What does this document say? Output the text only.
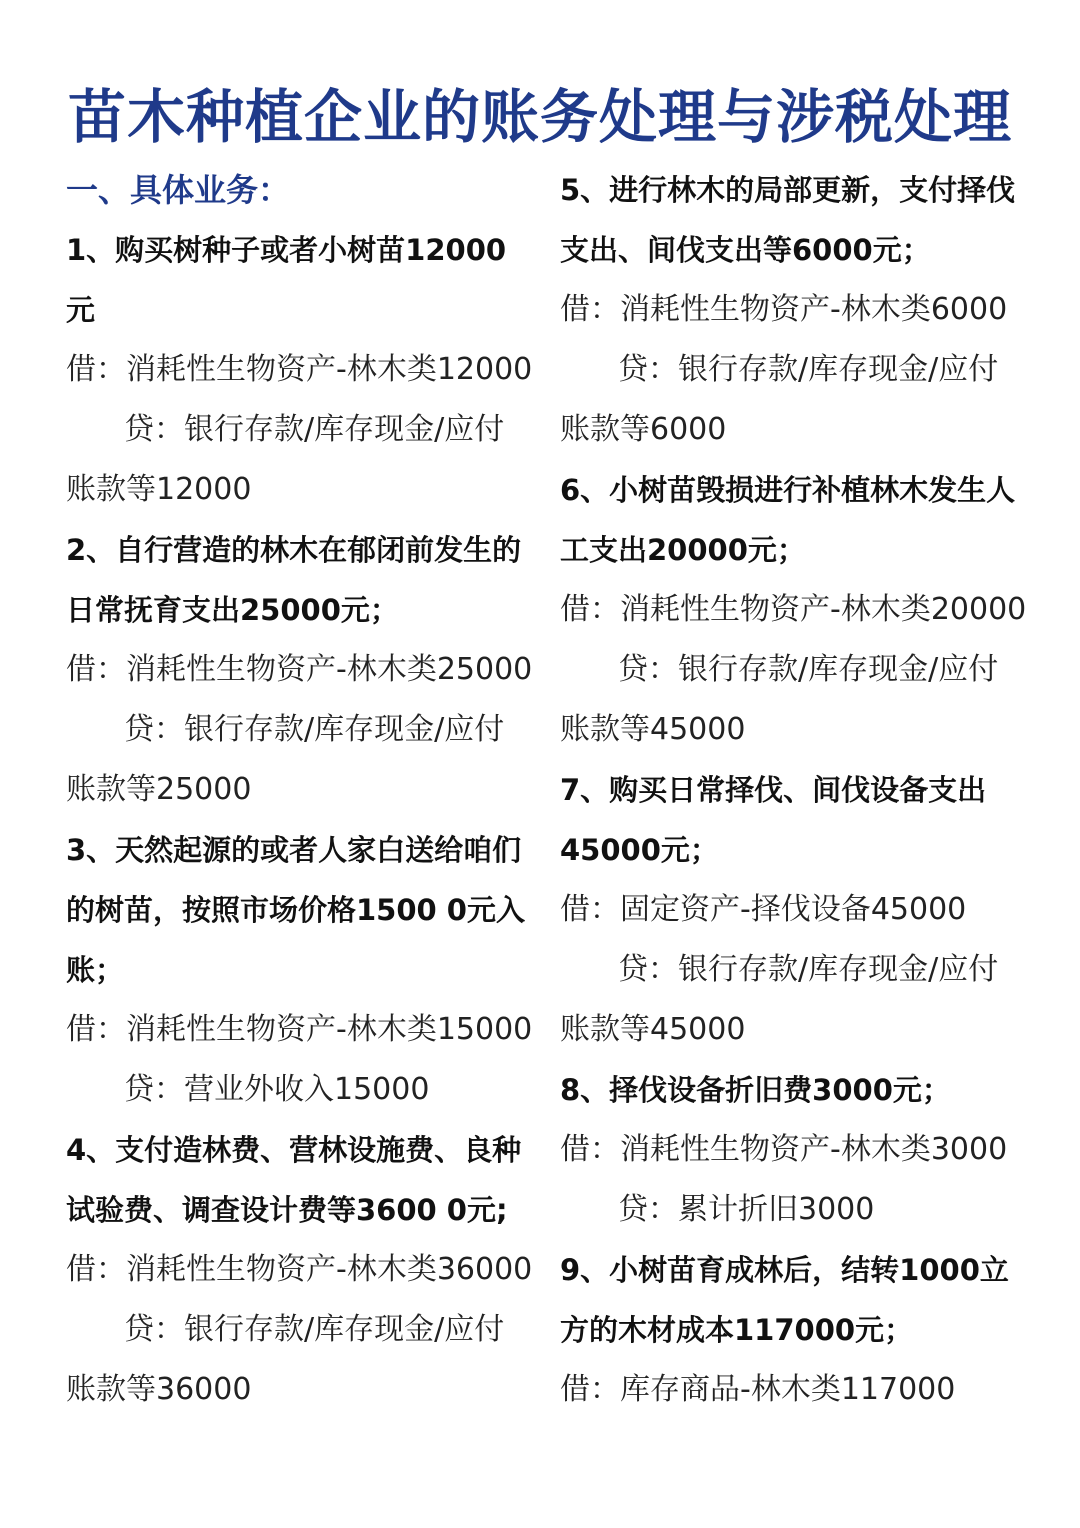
苗木种植企业的账务处理与涉税处理
一、具体业务：
1、购买树种子或者小树苗12000
元
借：消耗性生物资产-林木类12000
贷：银行存款/库存现金/应付
账款等12000
2、自行营造的林木在郁闭前发生的
日常抚育支出25000元；
借：消耗性生物资产-林木类25000
贷：银行存款/库存现金/应付
账款等25000
3、天然起源的或者人家白送给咱们
的树苗，按照市场价格1500 0元入
账；
借：消耗性生物资产-林木类15000
贷：营业外收入15000
4、支付造林费、营林设施费、良种
试验费、调查设计费等3600 0元;
借：消耗性生物资产-林木类36000
贷：银行存款/库存现金/应付
账款等36000
5、进行林木的局部更新，支付择伐
支出、间伐支出等6000元；
借：消耗性生物资产-林木类6000
贷：银行存款/库存现金/应付
账款等6000
6、小树苗毁损进行补植林木发生人
工支出20000元；
借：消耗性生物资产-林木类20000
贷：银行存款/库存现金/应付
账款等45000
7、购买日常择伐、间伐设备支出
45000元；
借：固定资产-择伐设备45000
贷：银行存款/库存现金/应付
账款等45000
8、择伐设备折旧费3000元；
借：消耗性生物资产-林木类3000
贷：累计折旧3000
9、小树苗育成林后，结转1000立
方的木材成本117000元；
借：库存商品-林木类117000
